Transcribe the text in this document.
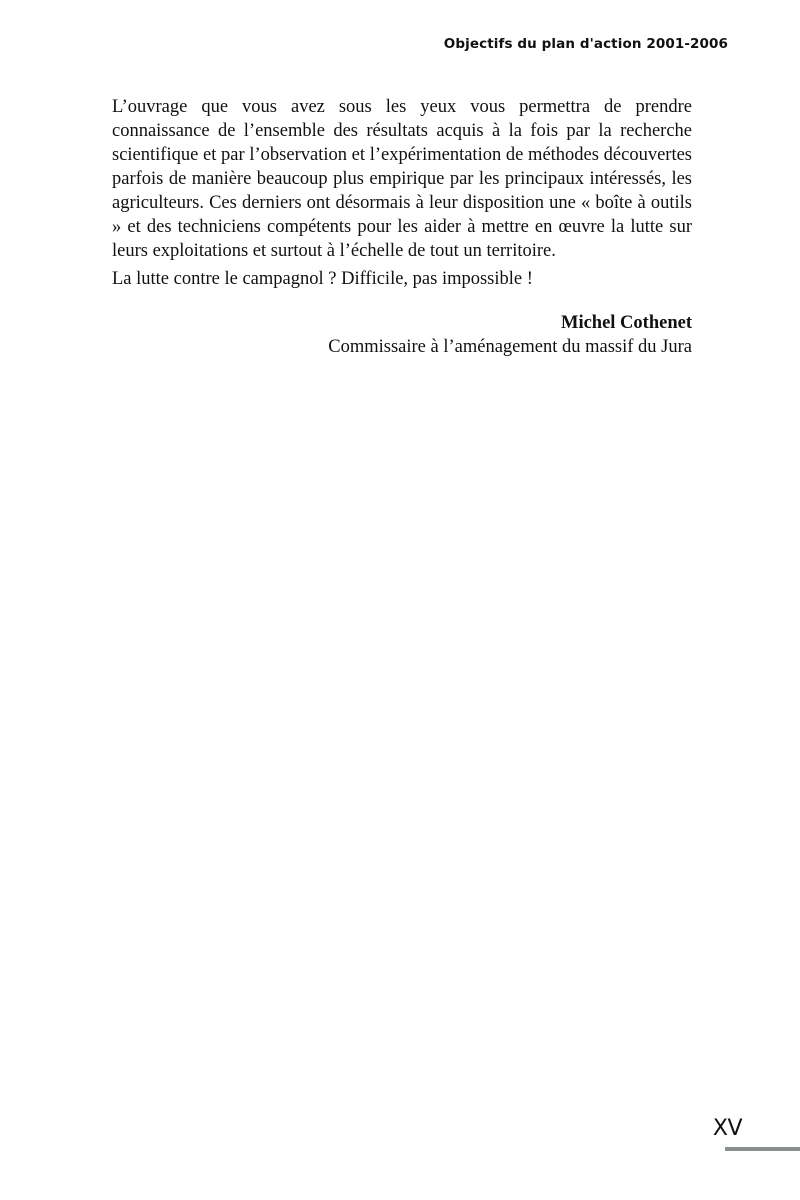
Objectifs du plan d'action 2001-2006

L’ouvrage que vous avez sous les yeux vous permettra de prendre connaissance de l’ensemble des résultats acquis à la fois par la recherche scientifique et par l’observation et l’expérimentation de méthodes découvertes parfois de manière beaucoup plus empirique par les principaux intéressés, les agriculteurs. Ces derniers ont désormais à leur disposition une « boîte à outils » et des techniciens compétents pour les aider à mettre en œuvre la lutte sur leurs exploitations et surtout à l’échelle de tout un territoire.

La lutte contre le campagnol ? Difficile, pas impossible !

Michel Cothenet
Commissaire à l’aménagement du massif du Jura
XV
